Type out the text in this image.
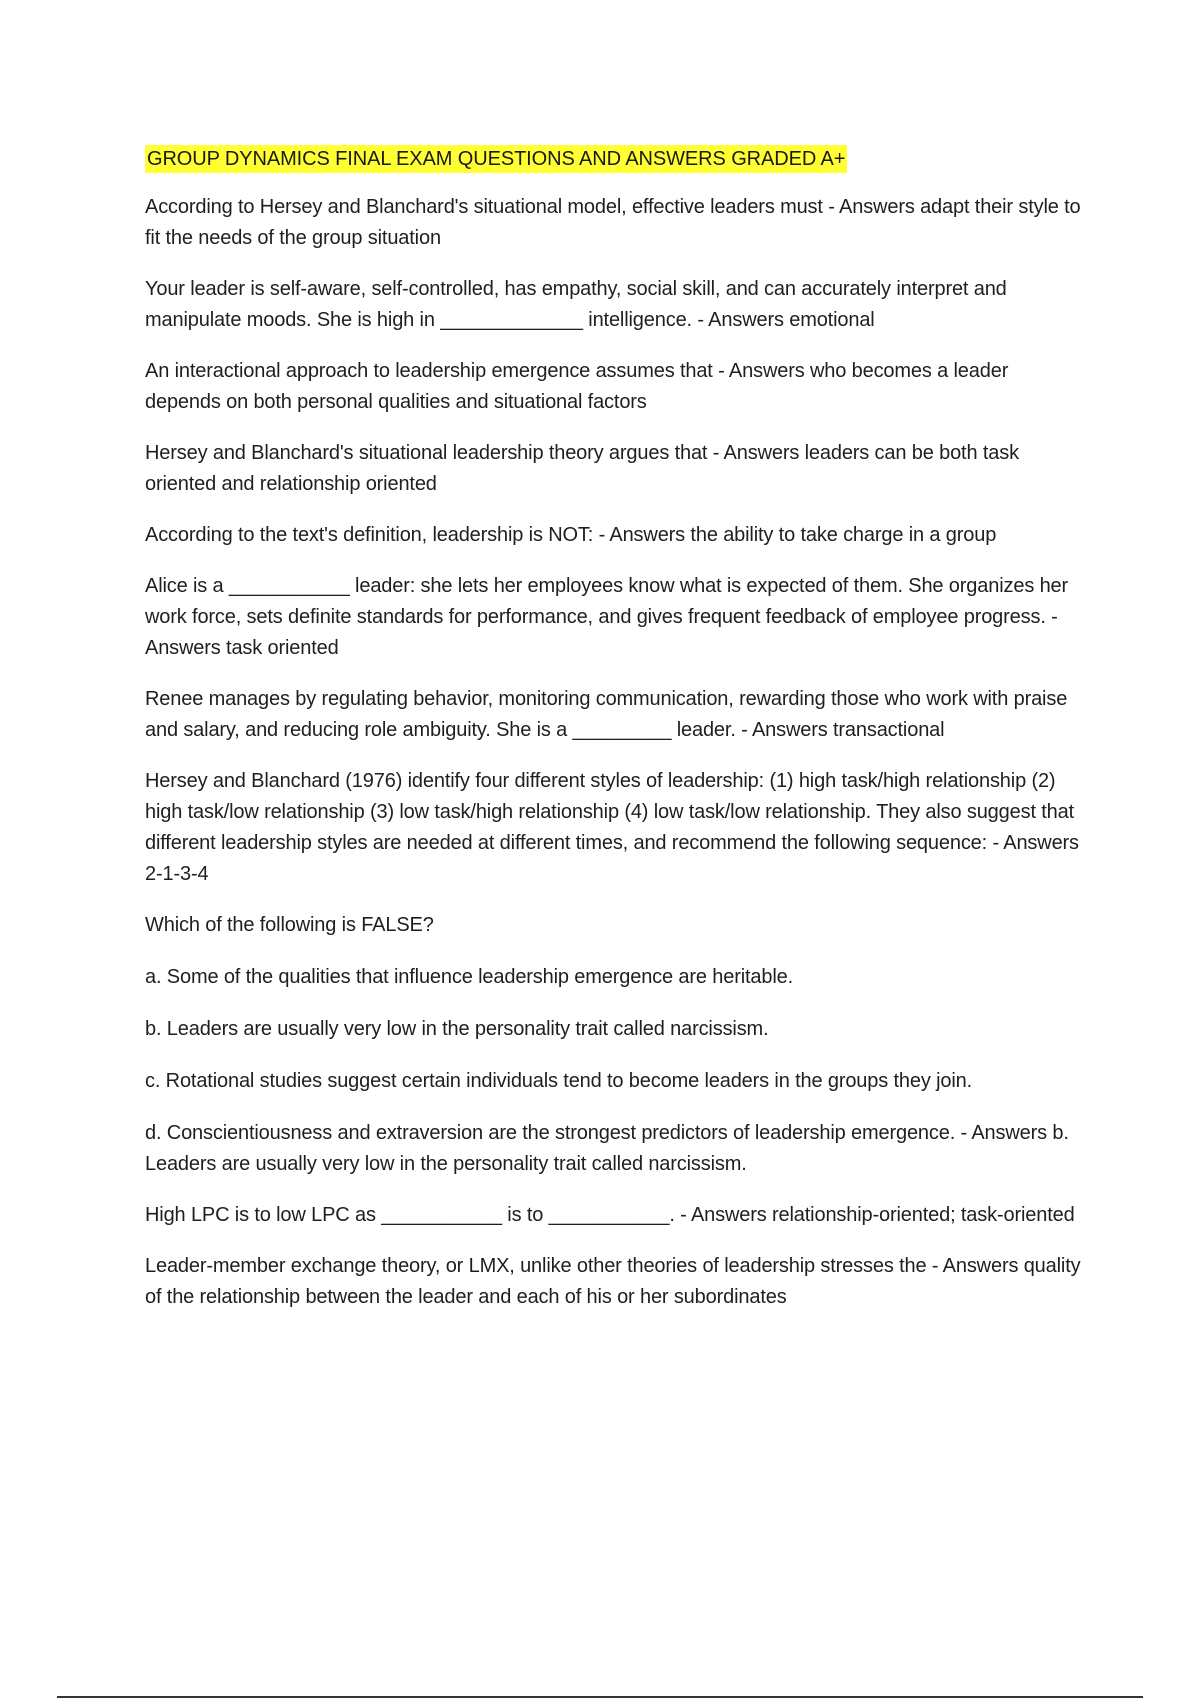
GROUP DYNAMICS FINAL EXAM QUESTIONS AND ANSWERS GRADED A+

According to Hersey and Blanchard's situational model, effective leaders must - Answers adapt their style to fit the needs of the group situation

Your leader is self-aware, self-controlled, has empathy, social skill, and can accurately interpret and manipulate moods. She is high in _____________ intelligence. - Answers emotional

An interactional approach to leadership emergence assumes that - Answers who becomes a leader depends on both personal qualities and situational factors

Hersey and Blanchard's situational leadership theory argues that - Answers leaders can be both task oriented and relationship oriented

According to the text's definition, leadership is NOT: - Answers the ability to take charge in a group

Alice is a ___________ leader: she lets her employees know what is expected of them. She organizes her work force, sets definite standards for performance, and gives frequent feedback of employee progress. - Answers task oriented

Renee manages by regulating behavior, monitoring communication, rewarding those who work with praise and salary, and reducing role ambiguity. She is a _________ leader. - Answers transactional

Hersey and Blanchard (1976) identify four different styles of leadership: (1) high task/high relationship (2) high task/low relationship (3) low task/high relationship (4) low task/low relationship. They also suggest that different leadership styles are needed at different times, and recommend the following sequence: - Answers 2-1-3-4

Which of the following is FALSE?

a. Some of the qualities that influence leadership emergence are heritable.

b. Leaders are usually very low in the personality trait called narcissism.

c. Rotational studies suggest certain individuals tend to become leaders in the groups they join.

d. Conscientiousness and extraversion are the strongest predictors of leadership emergence. - Answers b. Leaders are usually very low in the personality trait called narcissism.

High LPC is to low LPC as ___________ is to ___________. - Answers relationship-oriented; task-oriented

Leader-member exchange theory, or LMX, unlike other theories of leadership stresses the - Answers quality of the relationship between the leader and each of his or her subordinates
